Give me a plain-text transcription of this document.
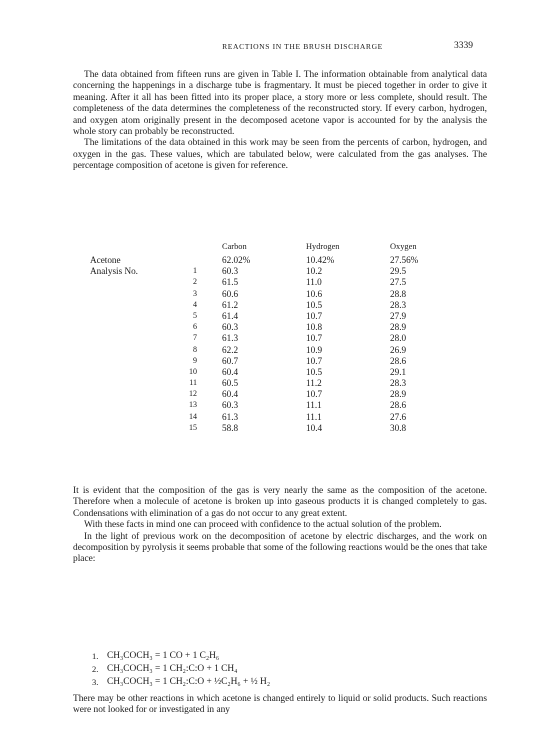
REACTIONS IN THE BRUSH DISCHARGE	3339

The data obtained from fifteen runs are given in Table I. The information obtainable from analytical data concerning the happenings in a discharge tube is fragmentary. It must be pieced together in order to give it meaning. After it all has been fitted into its proper place, a story more or less complete, should result. The completeness of the data determines the completeness of the reconstructed story. If every carbon, hydrogen, and oxygen atom originally present in the decomposed acetone vapor is accounted for by the analysis the whole story can probably be reconstructed.

The limitations of the data obtained in this work may be seen from the percents of carbon, hydrogen, and oxygen in the gas. These values, which are tabulated below, were calculated from the gas analyses. The percentage composition of acetone is given for reference.

Carbon	Hydrogen	Oxygen
Acetone	62.02%	10.42%	27.56%
Analysis No.	1	60.3	10.2	29.5
2	61.5	11.0	27.5
3	60.6	10.6	28.8
4	61.2	10.5	28.3
5	61.4	10.7	27.9
6	60.3	10.8	28.9
7	61.3	10.7	28.0
8	62.2	10.9	26.9
9	60.7	10.7	28.6
10	60.4	10.5	29.1
11	60.5	11.2	28.3
12	60.4	10.7	28.9
13	60.3	11.1	28.6
14	61.3	11.1	27.6
15	58.8	10.4	30.8

It is evident that the composition of the gas is very nearly the same as the composition of the acetone. Therefore when a molecule of acetone is broken up into gaseous products it is changed completely to gas. Condensations with elimination of a gas do not occur to any great extent.

With these facts in mind one can proceed with confidence to the actual solution of the problem.

In the light of previous work on the decomposition of acetone by electric discharges, and the work on decomposition by pyrolysis it seems probable that some of the following reactions would be the ones that take place:

1. CH₃COCH₃ = 1 CO + 1 C₂H₆
2. CH₃COCH₃ = 1 CH₂:C:O + 1 CH₄
3. CH₃COCH₃ = 1 CH₂:C:O + ½C₂H₆ + ½ H₂

There may be other reactions in which acetone is changed entirely to liquid or solid products. Such reactions were not looked for or investigated in any
